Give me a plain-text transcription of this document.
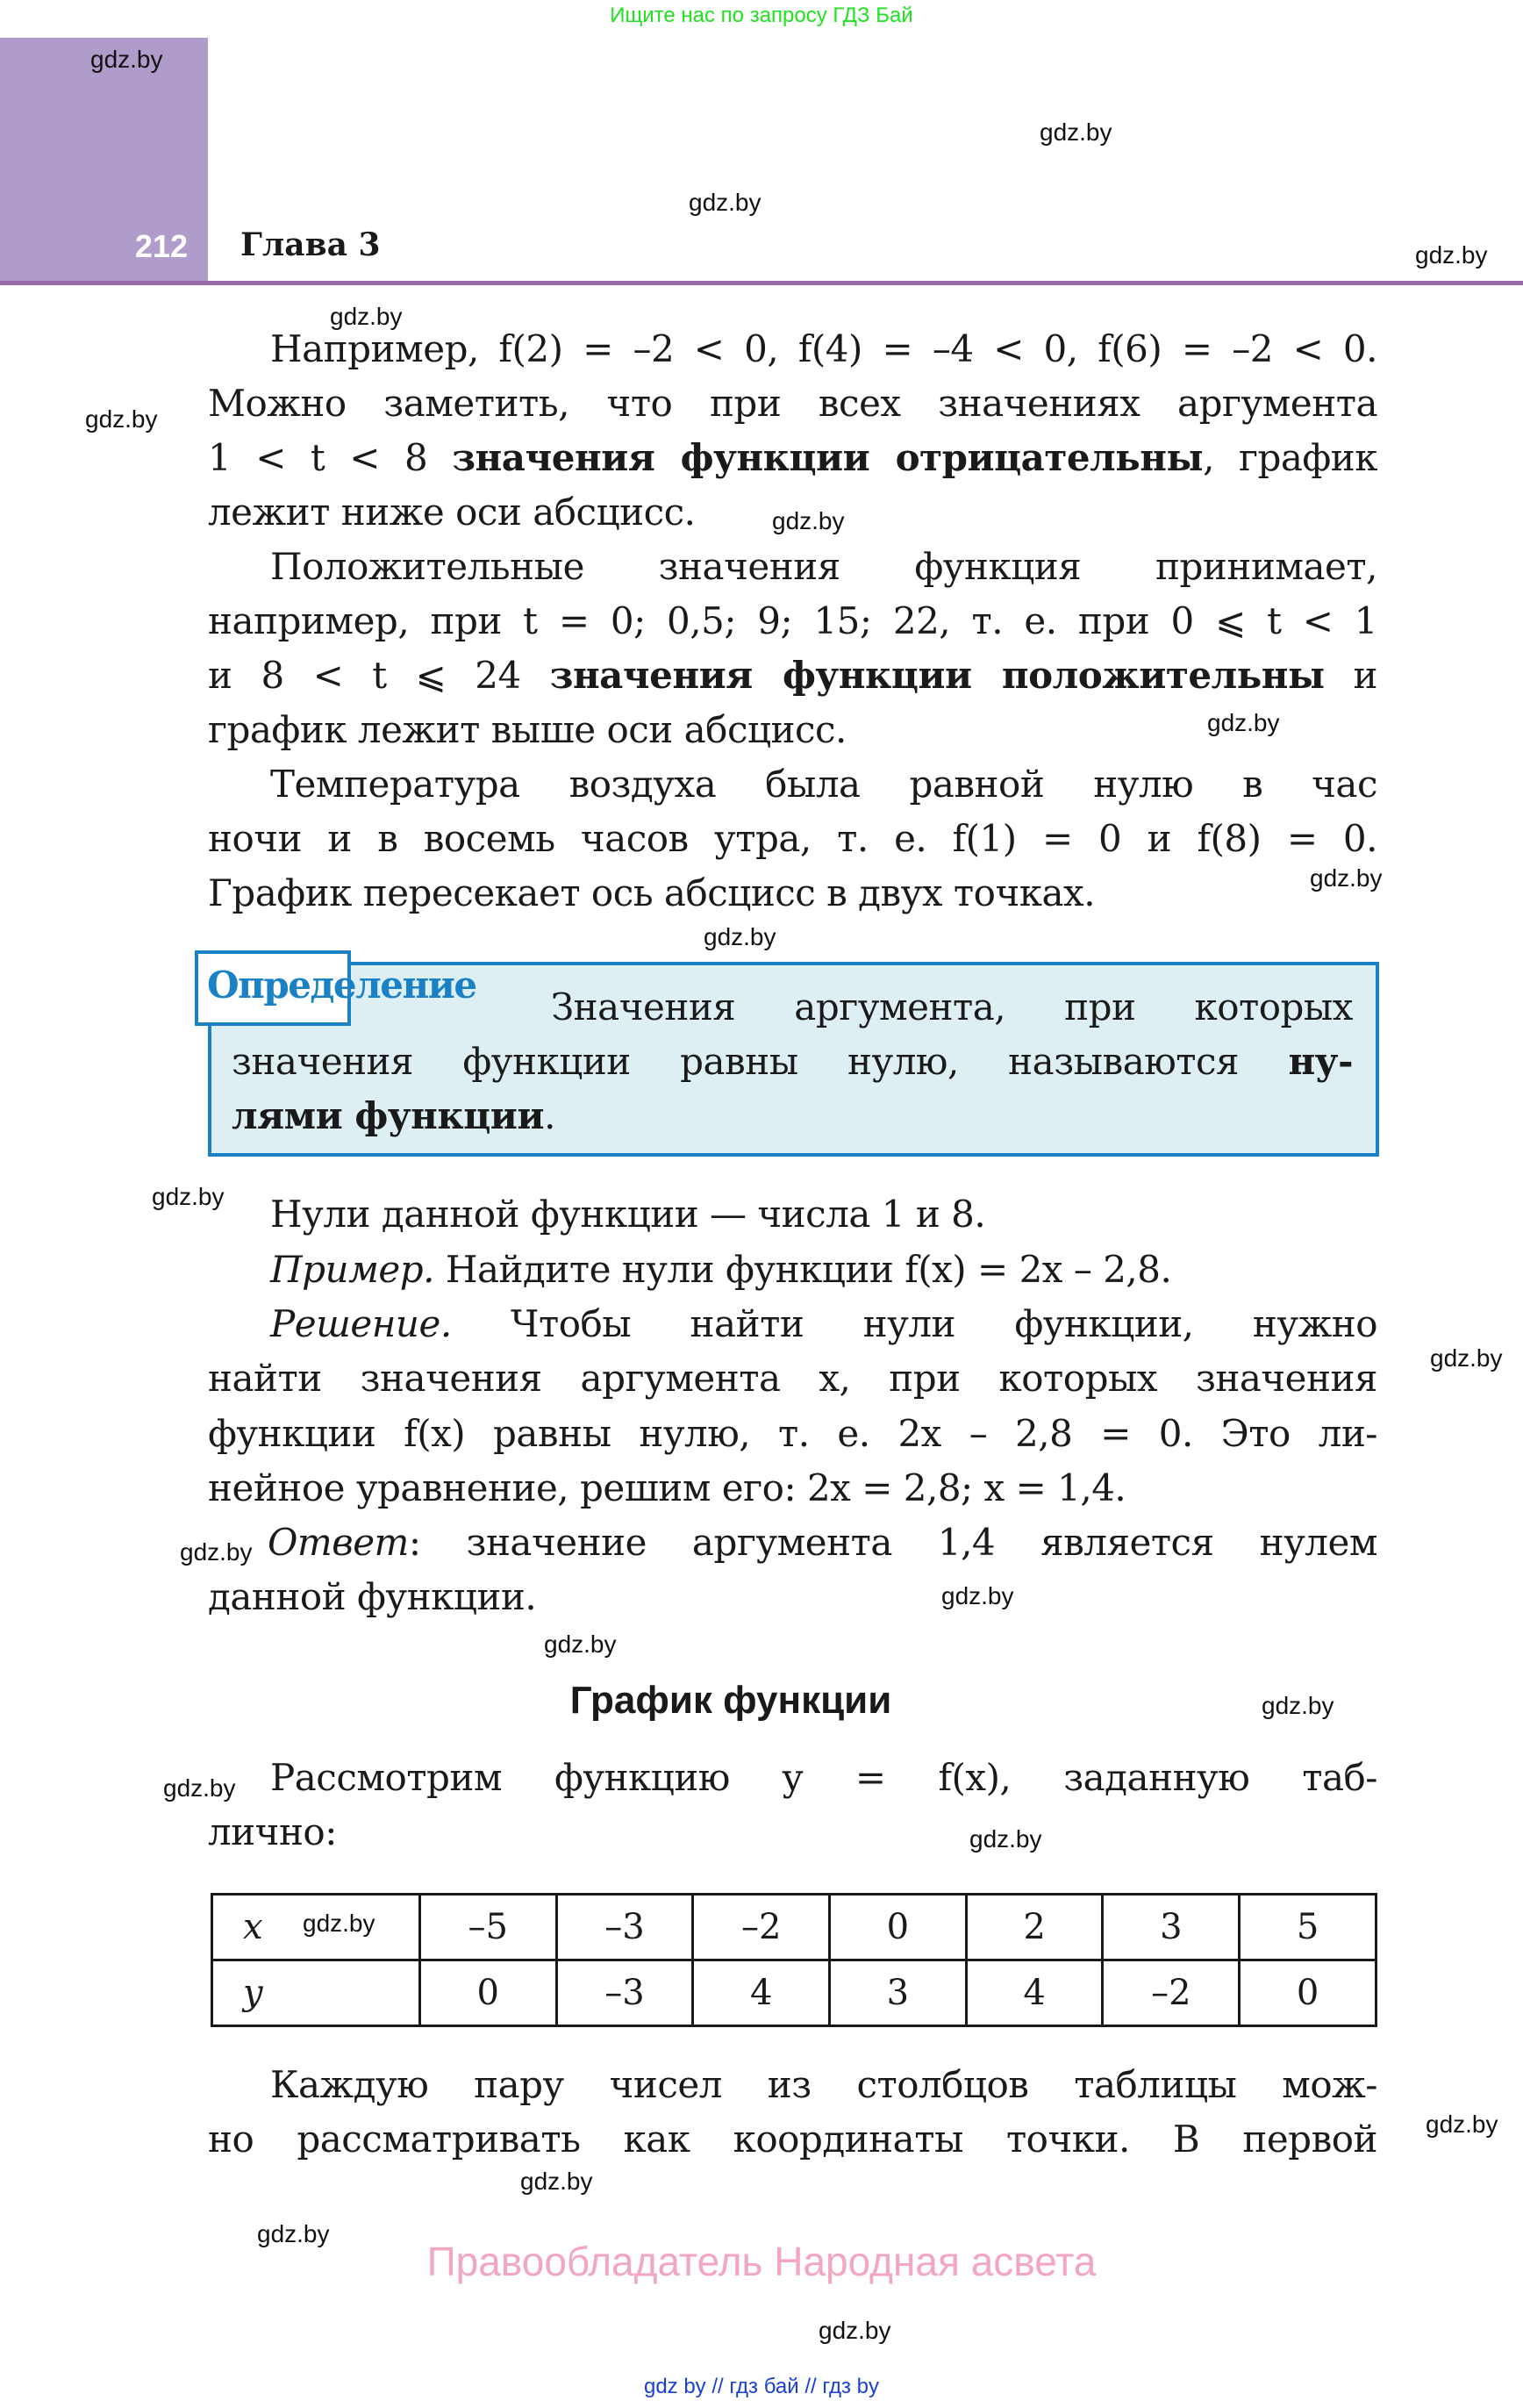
Ищите нас по запросу ГДЗ Бай
212 Глава 3
gdz.by
gdz.by
gdz.by
gdz.by
gdz.by
gdz.by
gdz.by
gdz.by
gdz.by
gdz.by
gdz.by
gdz.by
gdz.by
gdz.by
gdz.by
gdz.by
gdz.by
gdz.by
gdz.by
gdz.by
gdz.by
gdz.by
Например, f(2) = –2 < 0, f(4) = –4 < 0, f(6) = –2 < 0.
Можно заметить, что при всех значениях аргумента
1 < t < 8 значения функции отрицательны, график
лежит ниже оси абсцисс.
Положительные значения функция принимает,
например, при t = 0; 0,5; 9; 15; 22, т. е. при 0 ⩽ t < 1
и 8 < t ⩽ 24 значения функции положительны и
график лежит выше оси абсцисс.
Температура воздуха была равной нулю в час
ночи и в восемь часов утра, т. е. f(1) = 0 и f(8) = 0.
График пересекает ось абсцисс в двух точках.
Определение
Значения аргумента, при которых
значения функции равны нулю, называются ну-
лями функции.
Нули данной функции — числа 1 и 8.
Пример. Найдите нули функции f(x) = 2x – 2,8.
Решение. Чтобы найти нули функции, нужно
найти значения аргумента x, при которых значения
функции f(x) равны нулю, т. е. 2x – 2,8 = 0. Это ли-
нейное уравнение, решим его: 2x = 2,8; x = 1,4.
Ответ: значение аргумента 1,4 является нулем
данной функции.
График функции
Рассмотрим функцию y = f(x), заданную таб-
лично:
x	–5	–3	–2	0	2	3	5
y	0	–3	4	3	4	–2	0
gdz.by
Каждую пару чисел из столбцов таблицы мож-
но рассматривать как координаты точки. В первой
Правообладатель Народная асвета
gdz by // гдз бай // гдз by
